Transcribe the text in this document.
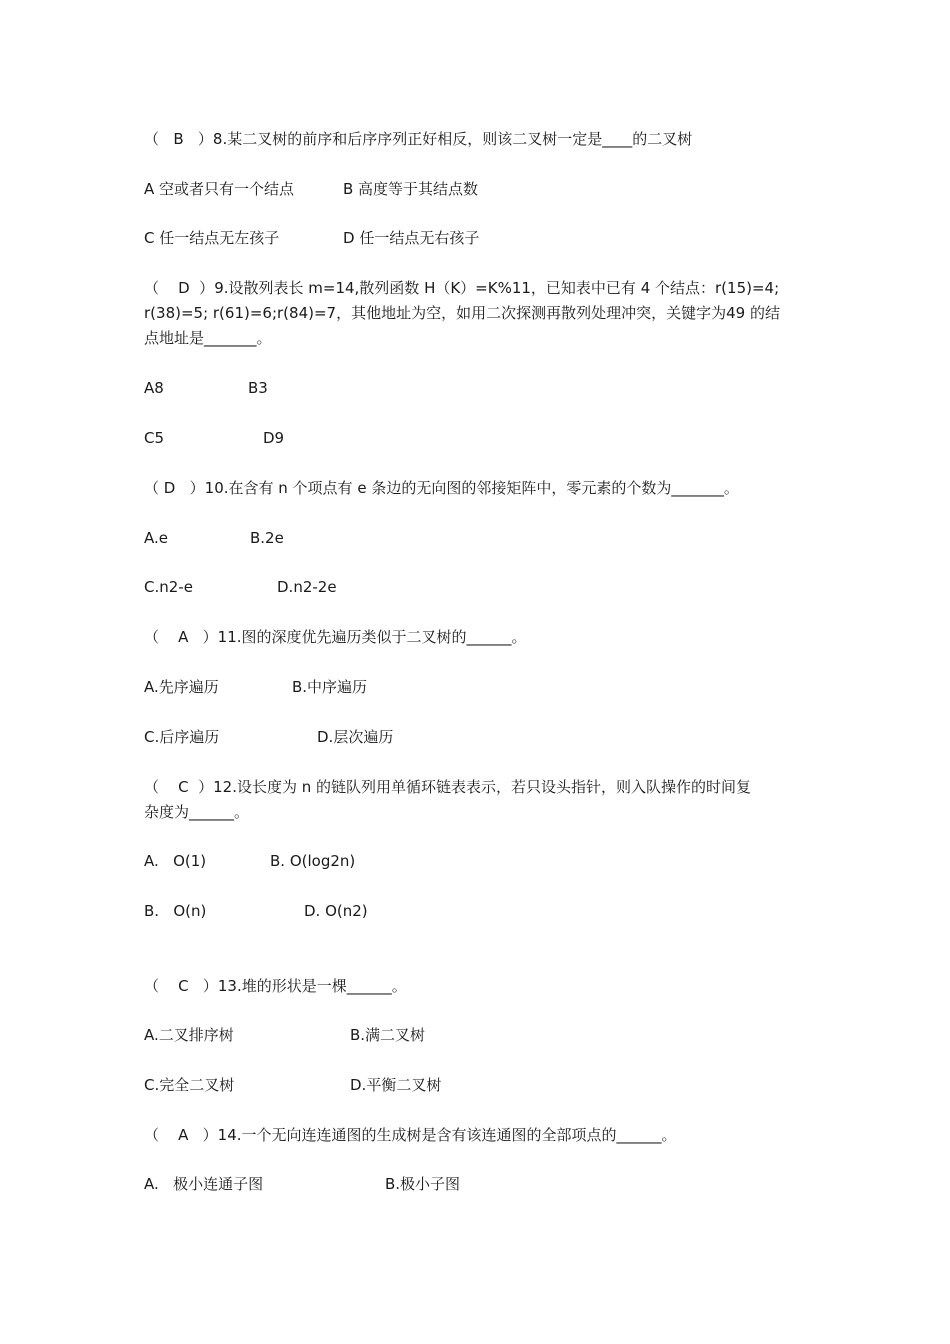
（   B   ）8.某二叉树的前序和后序序列正好相反，则该二叉树一定是____的二叉树
A 空或者只有一个结点	B 高度等于其结点数
C 任一结点无左孩子	D 任一结点无右孩子
（    D  ）9.设散列表长 m=14,散列函数 H（K）=K%11，已知表中已有 4 个结点：r(15)=4;
r(38)=5; r(61)=6;r(84)=7，其他地址为空，如用二次探测再散列处理冲突，关键字为49 的结
点地址是_______。
A8	B3
C5	D9
（ D   ）10.在含有 n 个项点有 e 条边的无向图的邻接矩阵中，零元素的个数为_______。
A.e	B.2e
C.n2-e	D.n2-2e
（    A   ）11.图的深度优先遍历类似于二叉树的______。
A.先序遍历	B.中序遍历
C.后序遍历	D.层次遍历
（    C  ）12.设长度为 n 的链队列用单循环链表表示，若只设头指针，则入队操作的时间复
杂度为______。
A.   O(1)	B. O(log2n)
B.   O(n)	D. O(n2)
（    C   ）13.堆的形状是一棵______。
A.二叉排序树	B.满二叉树
C.完全二叉树	D.平衡二叉树
（    A   ）14.一个无向连连通图的生成树是含有该连通图的全部项点的______。
A.   极小连通子图	B.极小子图
